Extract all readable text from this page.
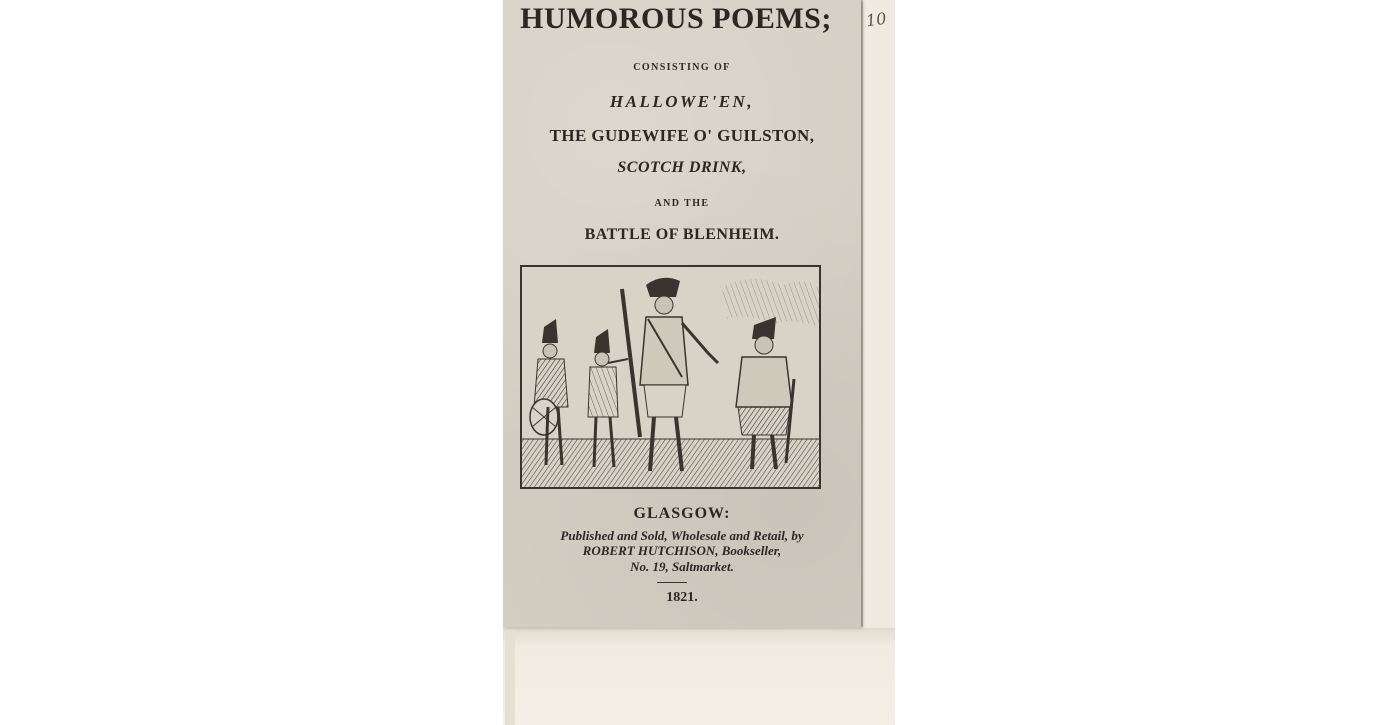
10
HUMOROUS POEMS;
CONSISTING OF
HALLOWE'EN,
THE GUDEWIFE O' GUILSTON,
SCOTCH DRINK,
AND THE
BATTLE OF BLENHEIM.
GLASGOW:
Published and Sold, Wholesale and Retail, by
ROBERT HUTCHISON, Bookseller,
No. 19, Saltmarket.
1821.
